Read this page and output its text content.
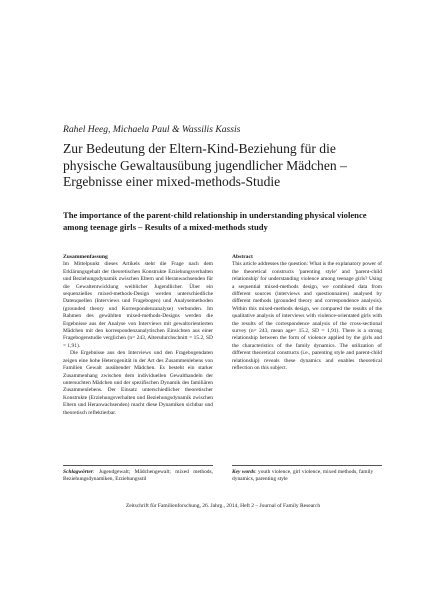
Rahel Heeg, Michaela Paul & Wassilis Kassis
Zur Bedeutung der Eltern-Kind-Beziehung für die physische Gewaltausübung jugendlicher Mädchen – Ergebnisse einer mixed-methods-Studie
The importance of the parent-child relationship in understanding physical violence among teenage girls – Results of a mixed-methods study

Zusammenfassung

Im Mittelpunkt dieses Artikels steht die Frage nach dem Erklärungsgehalt der theoretischen Konstrukte Erziehungsverhalten und Beziehungsdynamik zwischen Eltern und Heranwachsenden für die Gewaltentwicklung weiblicher Jugendlicher. Über ein sequenzielles mixed-methods-Design werden unterschiedliche Datenquellen (Interviews und Fragebogen) und Analysemethoden (grounded theory und Korrespondenzanalyse) verbunden. Im Rahmen des gewählten mixed-methods-Designs werden die Ergebnisse aus der Analyse von Interviews mit gewaltorientierten Mädchen mit den korrespondenzanalytischen Einsichten aus einer Fragebogenstudie verglichen (n= 243, Altersdurchschnitt = 15.2, SD = 1,91).

Die Ergebnisse aus den Interviews und den Fragebogendaten zeigen eine hohe Heterogenität in der Art des Zusammenlebens von Familien Gewalt ausübender Mädchen. Es besteht ein starker Zusammenhang zwischen dem individuellen Gewalthandeln der untersuchten Mädchen und der spezifischen Dynamik des familiären Zusammenlebens. Der Einsatz unterschiedlicher theoretischer Konstrukte (Erziehungsverhalten und Beziehungsdynamik zwischen Eltern und Heranwachsenden) macht diese Dynamiken sichtbar und theoretisch reflektierbar.

Abstract

This article addresses the question: What is the explanatory power of the theoretical constructs 'parenting style' and 'parent-child relationship' for understanding violence among teenage girls? Using a sequential mixed-methods design, we combined data from different sources (interviews and questionnaires) analysed by different methods (grounded theory and correspondence analysis). Within this mixed-methods design, we compared the results of the qualitative analysis of interviews with violence-orientated girls with the results of the correspondence analysis of the cross-sectional survey (n= 243, mean age= 15.2, SD = 1,91). There is a strong relationship between the form of violence applied by the girls and the characteristics of the family dynamics. The utilization of different theoretical constructs (i.e., parenting style and parent-child relationship) reveals these dynamics and enables theoretical reflection on this subject.

Schlagwörter: Jugendgewalt; Mädchengewalt; mixed methods, Beziehungsdynamiken, Erziehungsstil
Key words: youth violence, girl violence, mixed methods, family dynamics, parenting style
Zeitschrift für Familienforschung, 26. Jahrg., 2014, Heft 2 – Journal of Family Research
